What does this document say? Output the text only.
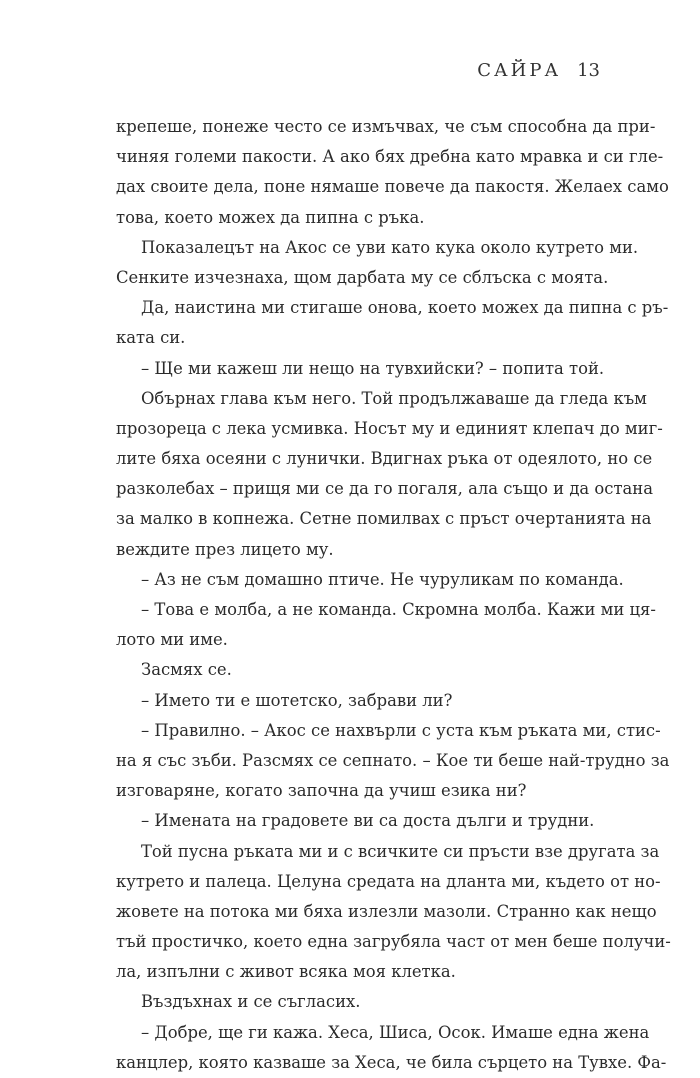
САЙРА 13
крепеше, понеже често се измъчвах, че съм способна да при-
чиняя големи пакости. А ако бях дребна като мравка и си гле-
дах своите дела, поне нямаше повече да пакостя. Желаех само
това, което можех да пипна с ръка.
Показалецът на Акос се уви като кука около кутрето ми.
Сенките изчезнаха, щом дарбата му се сблъска с моята.
Да, наистина ми стигаше онова, което можех да пипна с ръ-
ката си.
– Ще ми кажеш ли нещо на тувхийски? – попита той.
Обърнах глава към него. Той продължаваше да гледа към
прозореца с лека усмивка. Носът му и единият клепач до миг-
лите бяха осеяни с лунички. Вдигнах ръка от одеялото, но се
разколебах – прищя ми се да го погаля, ала също и да остана
за малко в копнежа. Сетне помилвах с пръст очертанията на
веждите през лицето му.
– Аз не съм домашно птиче. Не чуруликам по команда.
– Това е молба, а не команда. Скромна молба. Кажи ми ця-
лото ми име.
Засмях се.
– Името ти е шотетско, забрави ли?
– Правилно. – Акос се нахвърли с уста към ръката ми, стис-
на я със зъби. Разсмях се сепнато. – Кое ти беше най-трудно за
изговаряне, когато започна да учиш езика ни?
– Имената на градовете ви са доста дълги и трудни.
Той пусна ръката ми и с всичките си пръсти взе другата за
кутрето и палеца. Целуна средата на дланта ми, където от но-
жовете на потока ми бяха излезли мазоли. Странно как нещо
тъй простичко, което една загрубяла част от мен беше получи-
ла, изпълни с живот всяка моя клетка.
Въздъхнах и се съгласих.
– Добре, ще ги кажа. Хеса, Шиса, Осок. Имаше една жена
канцлер, която казваше за Хеса, че била сърцето на Тувхе. Фа-
